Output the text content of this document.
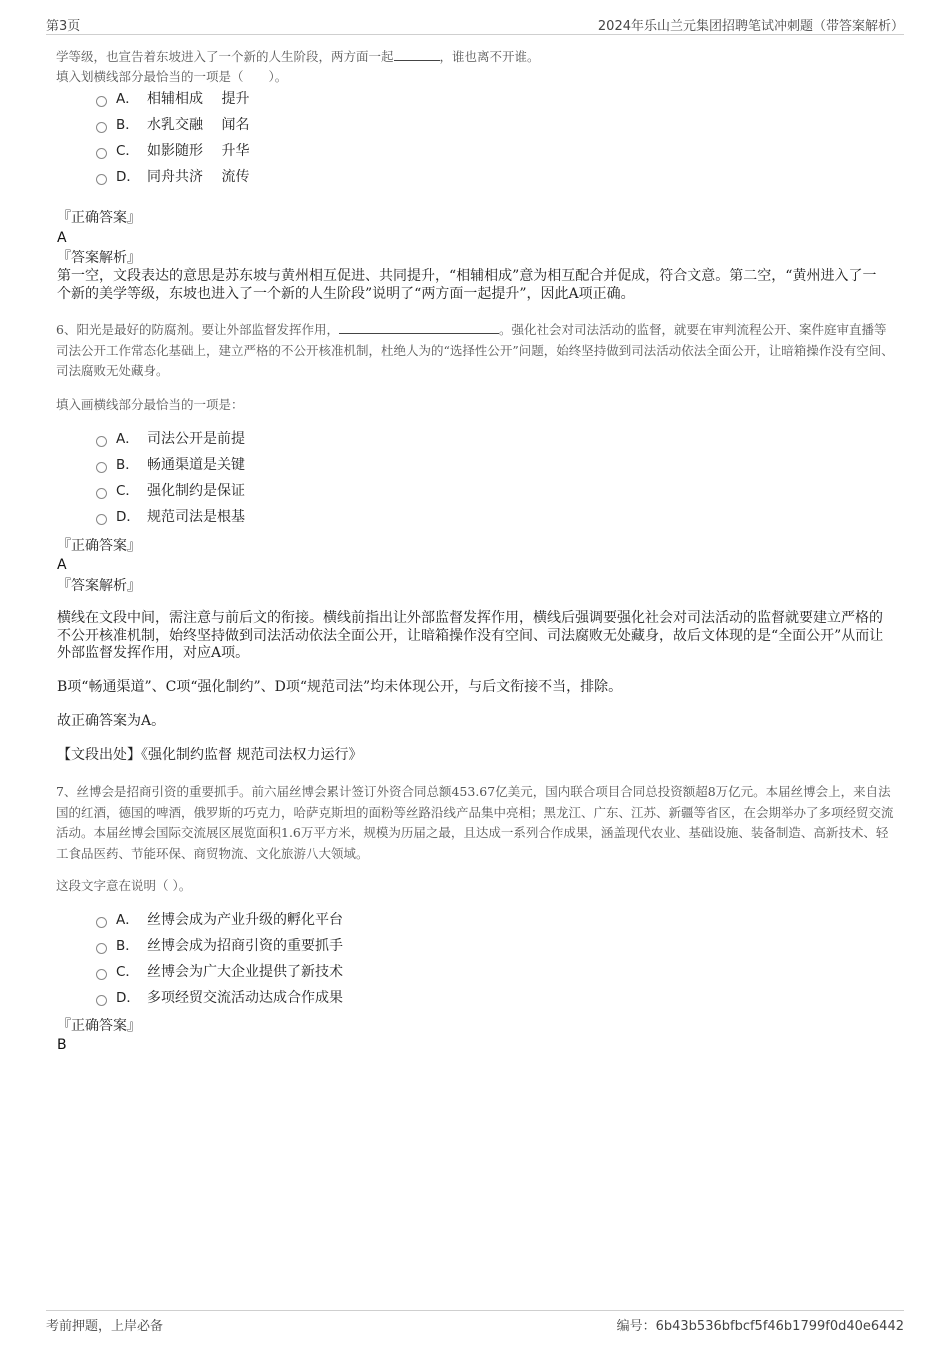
第3页	2024年乐山兰元集团招聘笔试冲刺题（带答案解析）
学等级，也宣告着东坡进入了一个新的人生阶段，两方面一起	，谁也离不开谁。
填入划横线部分最恰当的一项是（　　）。
A． 相辅相成　 提升
B． 水乳交融　 闻名
C． 如影随形　 升华
D． 同舟共济　 流传
『正确答案』
A
『答案解析』
第一空，文段表达的意思是苏东坡与黄州相互促进、共同提升，“相辅相成”意为相互配合并促成，符合文意。第二空，“黄州进入了一个新的美学等级，东坡也进入了一个新的人生阶段”说明了“两方面一起提升”，因此A项正确。
6、阳光是最好的防腐剂。要让外部监督发挥作用，	。强化社会对司法活动的监督，就要在审判流程公开、案件庭审直播等司法公开工作常态化基础上，建立严格的不公开核准机制，杜绝人为的“选择性公开”问题，始终坚持做到司法活动依法全面公开，让暗箱操作没有空间、司法腐败无处藏身。
填入画横线部分最恰当的一项是：
A． 司法公开是前提
B． 畅通渠道是关键
C． 强化制约是保证
D． 规范司法是根基
『正确答案』
A
『答案解析』
横线在文段中间，需注意与前后文的衔接。横线前指出让外部监督发挥作用，横线后强调要强化社会对司法活动的监督就要建立严格的不公开核准机制，始终坚持做到司法活动依法全面公开，让暗箱操作没有空间、司法腐败无处藏身，故后文体现的是“全面公开”从而让外部监督发挥作用，对应A项。
B项“畅通渠道”、C项“强化制约”、D项“规范司法”均未体现公开，与后文衔接不当，排除。
故正确答案为A。
【文段出处】《强化制约监督 规范司法权力运行》
7、丝博会是招商引资的重要抓手。前六届丝博会累计签订外资合同总额453.67亿美元，国内联合项目合同总投资额超8万亿元。本届丝博会上，来自法国的红酒，德国的啤酒，俄罗斯的巧克力，哈萨克斯坦的面粉等丝路沿线产品集中亮相；黑龙江、广东、江苏、新疆等省区，在会期举办了多项经贸交流活动。本届丝博会国际交流展区展览面积1.6万平方米，规模为历届之最，且达成一系列合作成果，涵盖现代农业、基础设施、装备制造、高新技术、轻工食品医药、节能环保、商贸物流、文化旅游八大领域。
这段文字意在说明（ ）。
A． 丝博会成为产业升级的孵化平台
B． 丝博会成为招商引资的重要抓手
C． 丝博会为广大企业提供了新技术
D． 多项经贸交流活动达成合作成果
『正确答案』
B
考前押题，上岸必备	编号：6b43b536bfbcf5f46b1799f0d40e6442
